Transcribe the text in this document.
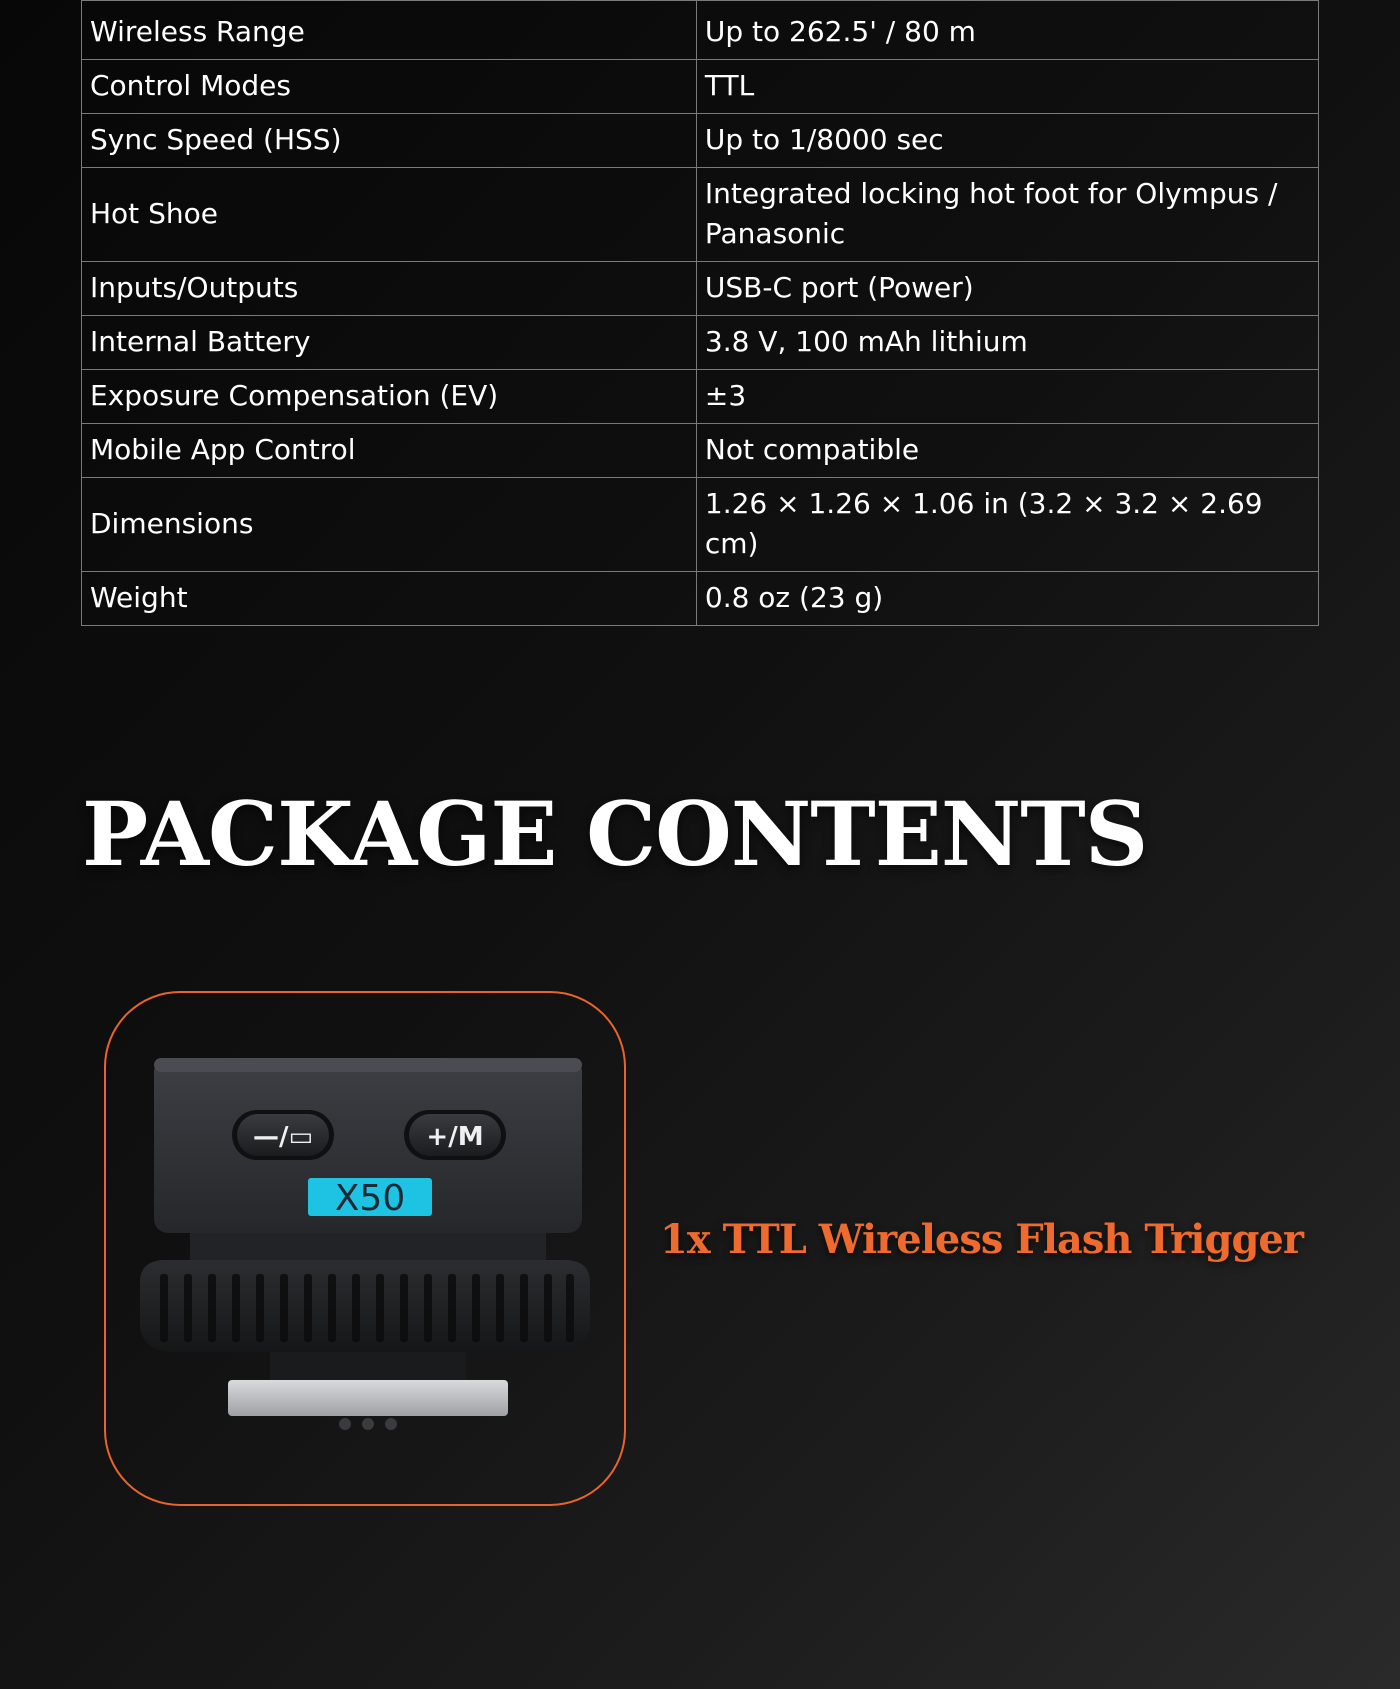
Wireless Range	Up to 262.5' / 80 m
Control Modes	TTL
Sync Speed (HSS)	Up to 1/8000 sec
Hot Shoe	Integrated locking hot foot for Olympus / Panasonic
Inputs/Outputs	USB-C port (Power)
Internal Battery	3.8 V, 100 mAh lithium
Exposure Compensation (EV)	±3
Mobile App Control	Not compatible
Dimensions	1.26 × 1.26 × 1.06 in (3.2 × 3.2 × 2.69 cm)
Weight	0.8 oz (23 g)
PACKAGE CONTENTS
—/▭	+/M
X50

1x TTL Wireless Flash Trigger
